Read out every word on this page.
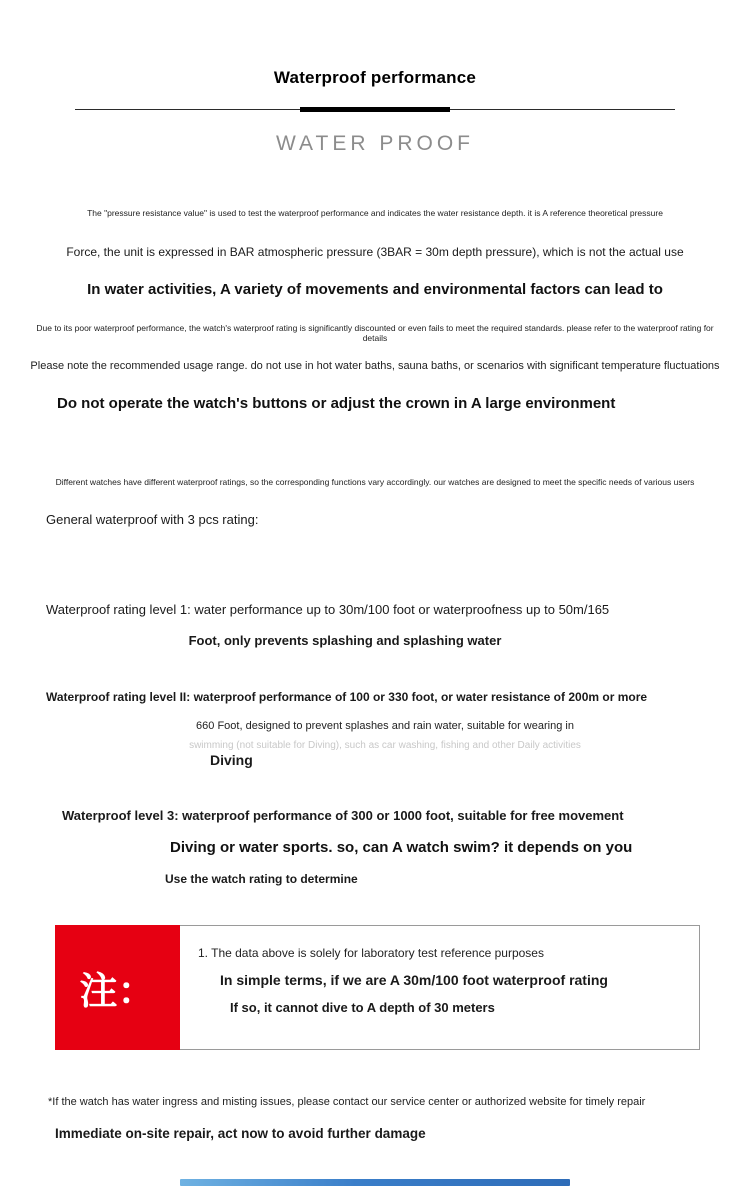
Waterproof performance
WATER PROOF
The "pressure resistance value" is used to test the waterproof performance and indicates the water resistance depth. it is A reference theoretical pressure
Force, the unit is expressed in BAR atmospheric pressure (3BAR = 30m depth pressure), which is not the actual use
In water activities, A variety of movements and environmental factors can lead to
Due to its poor waterproof performance, the watch's waterproof rating is significantly discounted or even fails to meet the required standards. please refer to the waterproof rating for details
Please note the recommended usage range. do not use in hot water baths, sauna baths, or scenarios with significant temperature fluctuations
Do not operate the watch's buttons or adjust the crown in A large environment
Different watches have different waterproof ratings, so the corresponding functions vary accordingly. our watches are designed to meet the specific needs of various users
General waterproof with 3 pcs rating:
Waterproof rating level 1: water performance up to 30m/100 foot or waterproofness up to 50m/165
Foot, only prevents splashing and splashing water
Waterproof rating level II: waterproof performance of 100 or 330 foot, or water resistance of 200m or more
660 Foot, designed to prevent splashes and rain water, suitable for wearing in
swimming (not suitable for Diving), such as car washing, fishing and other Daily activities
Diving
Waterproof level 3: waterproof performance of 300 or 1000 foot, suitable for free movement
Diving or water sports. so, can A watch swim? it depends on you
Use the watch rating to determine
注：
1. The data above is solely for laboratory test reference purposes
In simple terms, if we are A 30m/100 foot waterproof rating
If so, it cannot dive to A depth of 30 meters
*If the watch has water ingress and misting issues, please contact our service center or authorized website for timely repair
Immediate on-site repair, act now to avoid further damage
